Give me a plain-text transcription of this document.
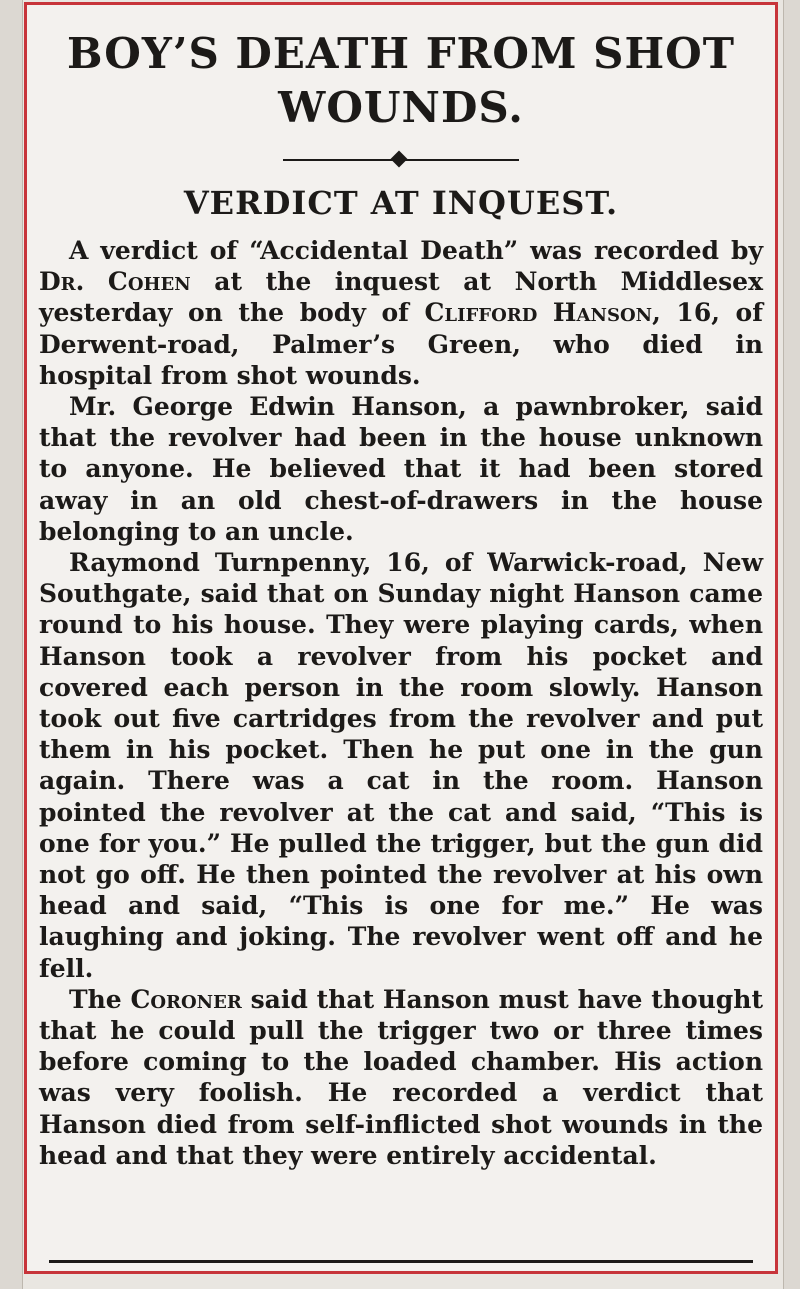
BOY’S DEATH FROM SHOT WOUNDS.
VERDICT AT INQUEST.

A verdict of “Accidental Death” was recorded by Dr. Cohen at the inquest at North Middlesex yesterday on the body of Clifford Hanson, 16, of Derwent-road, Palmer’s Green, who died in hospital from shot wounds.

Mr. George Edwin Hanson, a pawnbroker, said that the revolver had been in the house unknown to anyone. He believed that it had been stored away in an old chest-of-drawers in the house belonging to an uncle.

Raymond Turnpenny, 16, of Warwick-road, New Southgate, said that on Sunday night Hanson came round to his house. They were playing cards, when Hanson took a revolver from his pocket and covered each person in the room slowly. Hanson took out five cartridges from the revolver and put them in his pocket. Then he put one in the gun again. There was a cat in the room. Hanson pointed the revolver at the cat and said, “This is one for you.” He pulled the trigger, but the gun did not go off. He then pointed the revolver at his own head and said, “This is one for me.” He was laughing and joking. The revolver went off and he fell.

The Coroner said that Hanson must have thought that he could pull the trigger two or three times before coming to the loaded chamber. His action was very foolish. He recorded a verdict that Hanson died from self-inflicted shot wounds in the head and that they were entirely accidental.
